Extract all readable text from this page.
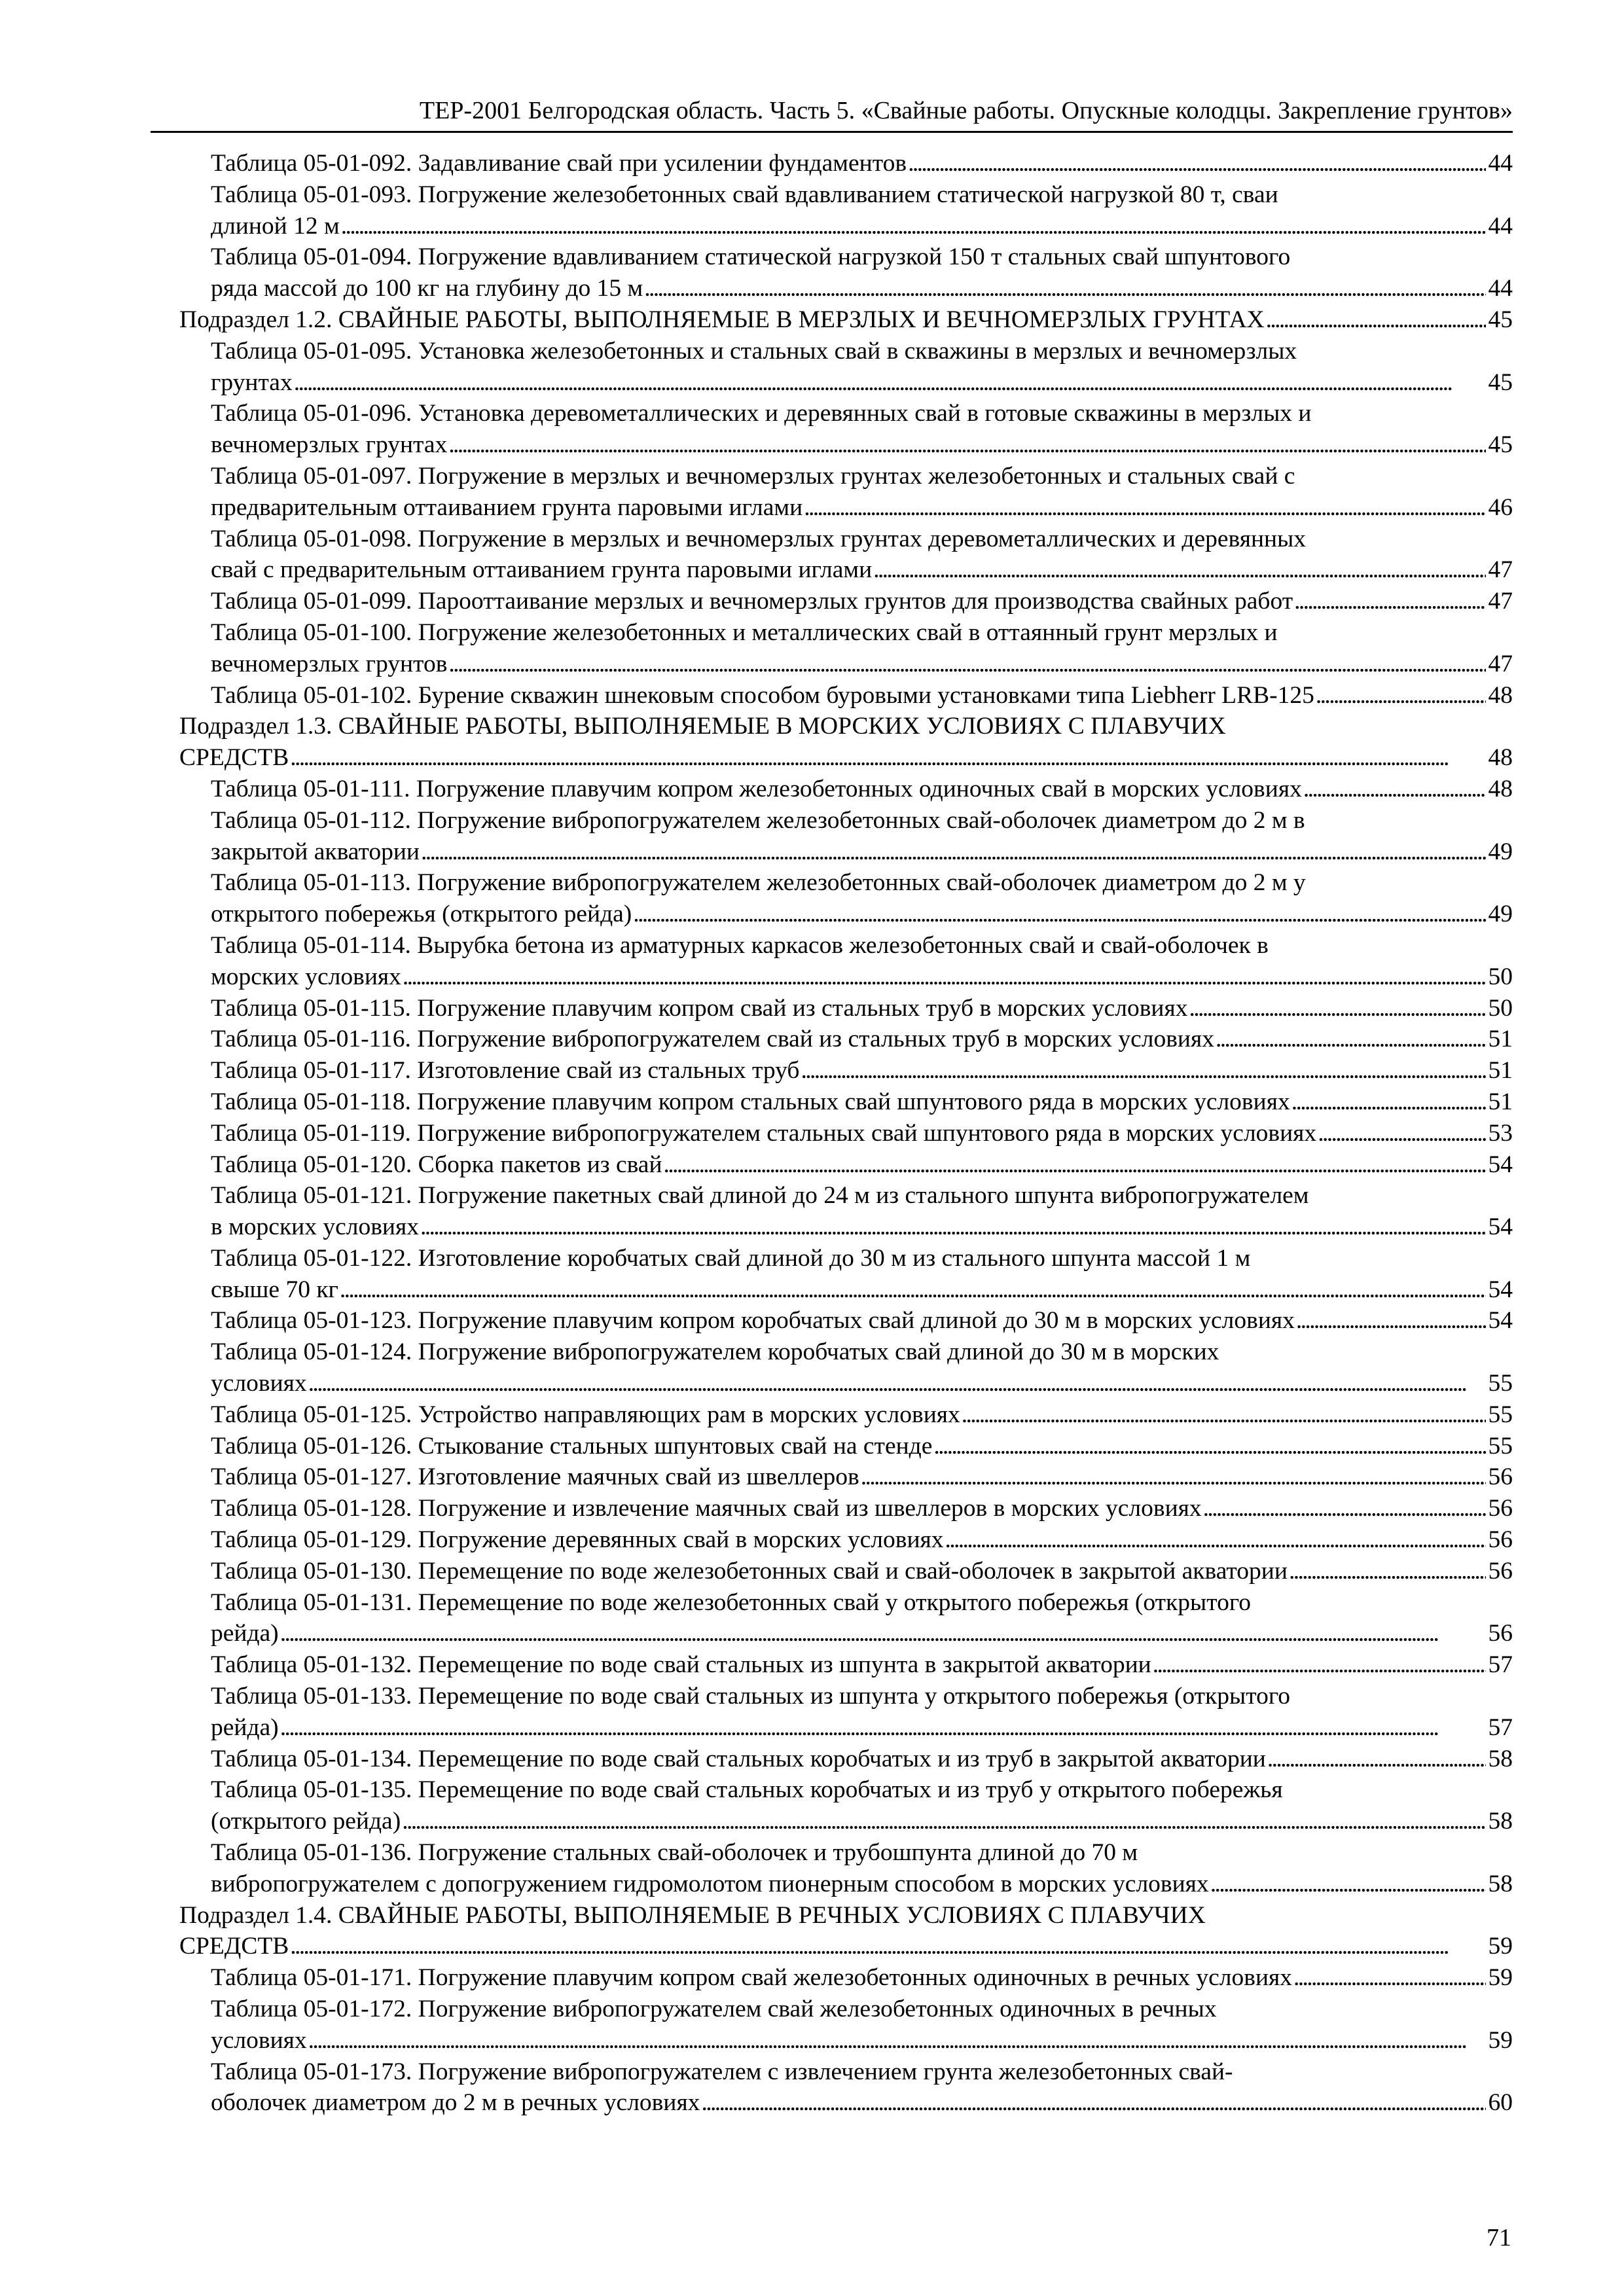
ТЕР-2001 Белгородская область. Часть 5. «Свайные работы. Опускные колодцы. Закрепление грунтов»
Таблица 05-01-092. Задавливание свай при усилении фундаментов . . .	44
Таблица 05-01-093. Погружение железобетонных свай вдавливанием статической нагрузкой 80 т, сваи
длиной 12 м . . .	44
Таблица 05-01-094. Погружение вдавливанием статической нагрузкой 150 т стальных свай шпунтового
ряда массой до 100 кг на глубину до 15 м . . .	44
Подраздел 1.2. СВАЙНЫЕ РАБОТЫ, ВЫПОЛНЯЕМЫЕ В МЕРЗЛЫХ И ВЕЧНОМЕРЗЛЫХ ГРУНТАХ . . .	45
Таблица 05-01-095. Установка железобетонных и стальных свай в скважины в мерзлых и вечномерзлых
грунтах . . .	45
Таблица 05-01-096. Установка деревометаллических и деревянных свай в готовые скважины в мерзлых и
вечномерзлых грунтах . . .	45
Таблица 05-01-097. Погружение в мерзлых и вечномерзлых грунтах железобетонных и стальных свай с
предварительным оттаиванием грунта паровыми иглами . . .	46
Таблица 05-01-098. Погружение в мерзлых и вечномерзлых грунтах деревометаллических и деревянных
свай с предварительным оттаиванием грунта паровыми иглами . . .	47
Таблица 05-01-099. Парооттаивание мерзлых и вечномерзлых грунтов для производства свайных работ . . .	47
Таблица 05-01-100. Погружение железобетонных и металлических свай в оттаянный грунт мерзлых и
вечномерзлых грунтов . . .	47
Таблица 05-01-102. Бурение скважин шнековым способом буровыми установками типа Liebherr LRB-125 . . .	48
Подраздел 1.3. СВАЙНЫЕ РАБОТЫ, ВЫПОЛНЯЕМЫЕ В МОРСКИХ УСЛОВИЯХ С ПЛАВУЧИХ
СРЕДСТВ . . .	48
Таблица 05-01-111. Погружение плавучим копром железобетонных одиночных свай в морских условиях . . .	48
Таблица 05-01-112. Погружение вибропогружателем железобетонных свай-оболочек диаметром до 2 м в
закрытой акватории . . .	49
Таблица 05-01-113. Погружение вибропогружателем железобетонных свай-оболочек диаметром до 2 м у
открытого побережья (открытого рейда) . . .	49
Таблица 05-01-114. Вырубка бетона из арматурных каркасов железобетонных свай и свай-оболочек в
морских условиях . . .	50
Таблица 05-01-115. Погружение плавучим копром свай из стальных труб в морских условиях . . .	50
Таблица 05-01-116. Погружение вибропогружателем свай из стальных труб в морских условиях . . .	51
Таблица 05-01-117. Изготовление свай из стальных труб . . .	51
Таблица 05-01-118. Погружение плавучим копром стальных свай шпунтового ряда в морских условиях . . .	51
Таблица 05-01-119. Погружение вибропогружателем стальных свай шпунтового ряда в морских условиях . . .	53
Таблица 05-01-120. Сборка пакетов из свай . . .	54
Таблица 05-01-121. Погружение пакетных свай длиной до 24 м из стального шпунта вибропогружателем
в морских условиях . . .	54
Таблица 05-01-122. Изготовление коробчатых свай длиной до 30 м из стального шпунта массой 1 м
свыше 70 кг . . .	54
Таблица 05-01-123. Погружение плавучим копром коробчатых свай длиной до 30 м в морских условиях . . .	54
Таблица 05-01-124. Погружение вибропогружателем коробчатых свай длиной до 30 м в морских
условиях . . .	55
Таблица 05-01-125. Устройство направляющих рам в морских условиях . . .	55
Таблица 05-01-126. Стыкование стальных шпунтовых свай на стенде . . .	55
Таблица 05-01-127. Изготовление маячных свай из швеллеров . . .	56
Таблица 05-01-128. Погружение и извлечение маячных свай из швеллеров в морских условиях . . .	56
Таблица 05-01-129. Погружение деревянных свай в морских условиях . . .	56
Таблица 05-01-130. Перемещение по воде железобетонных свай и свай-оболочек в закрытой акватории . . .	56
Таблица 05-01-131. Перемещение по воде железобетонных свай у открытого побережья (открытого
рейда) . . .	56
Таблица 05-01-132. Перемещение по воде свай стальных из шпунта в закрытой акватории . . .	57
Таблица 05-01-133. Перемещение по воде свай стальных из шпунта у открытого побережья (открытого
рейда) . . .	57
Таблица 05-01-134. Перемещение по воде свай стальных коробчатых и из труб в закрытой акватории . . .	58
Таблица 05-01-135. Перемещение по воде свай стальных коробчатых и из труб у открытого побережья
(открытого рейда) . . .	58
Таблица 05-01-136. Погружение стальных свай-оболочек и трубошпунта длиной до 70 м
вибропогружателем с допогружением гидромолотом пионерным способом в морских условиях . . .	58
Подраздел 1.4. СВАЙНЫЕ РАБОТЫ, ВЫПОЛНЯЕМЫЕ В РЕЧНЫХ УСЛОВИЯХ С ПЛАВУЧИХ
СРЕДСТВ . . .	59
Таблица 05-01-171. Погружение плавучим копром свай железобетонных одиночных в речных условиях . . .	59
Таблица 05-01-172. Погружение вибропогружателем свай железобетонных одиночных в речных
условиях . . .	59
Таблица 05-01-173. Погружение вибропогружателем с извлечением грунта железобетонных свай-
оболочек диаметром до 2 м в речных условиях . . .	60
71
